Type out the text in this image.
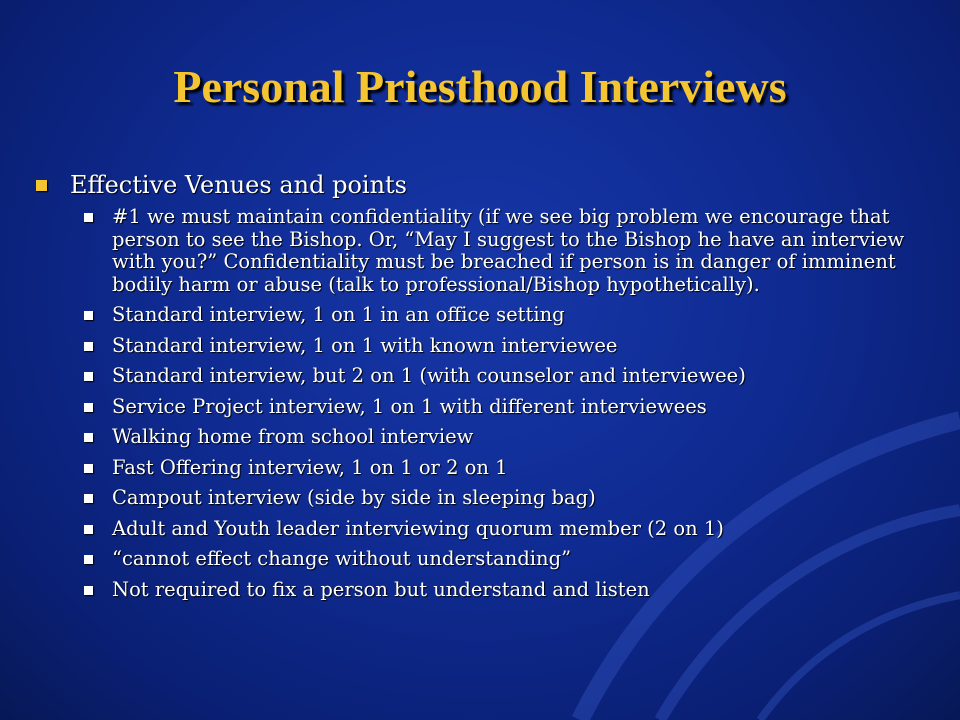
Personal Priesthood Interviews
Effective Venues and points
#1 we must maintain confidentiality (if we see big problem we encourage that person to see the Bishop. Or, “May I suggest to the Bishop he have an interview with you?” Confidentiality must be breached if person is in danger of imminent bodily harm or abuse (talk to professional/Bishop hypothetically).
Standard interview, 1 on 1 in an office setting
Standard interview, 1 on 1 with known interviewee
Standard interview, but 2 on 1 (with counselor and interviewee)
Service Project interview, 1 on 1 with different interviewees
Walking home from school interview
Fast Offering interview, 1 on 1 or 2 on 1
Campout interview (side by side in sleeping bag)
Adult and Youth leader interviewing quorum member (2 on 1)
“cannot effect change without understanding”
Not required to fix a person but understand and listen
